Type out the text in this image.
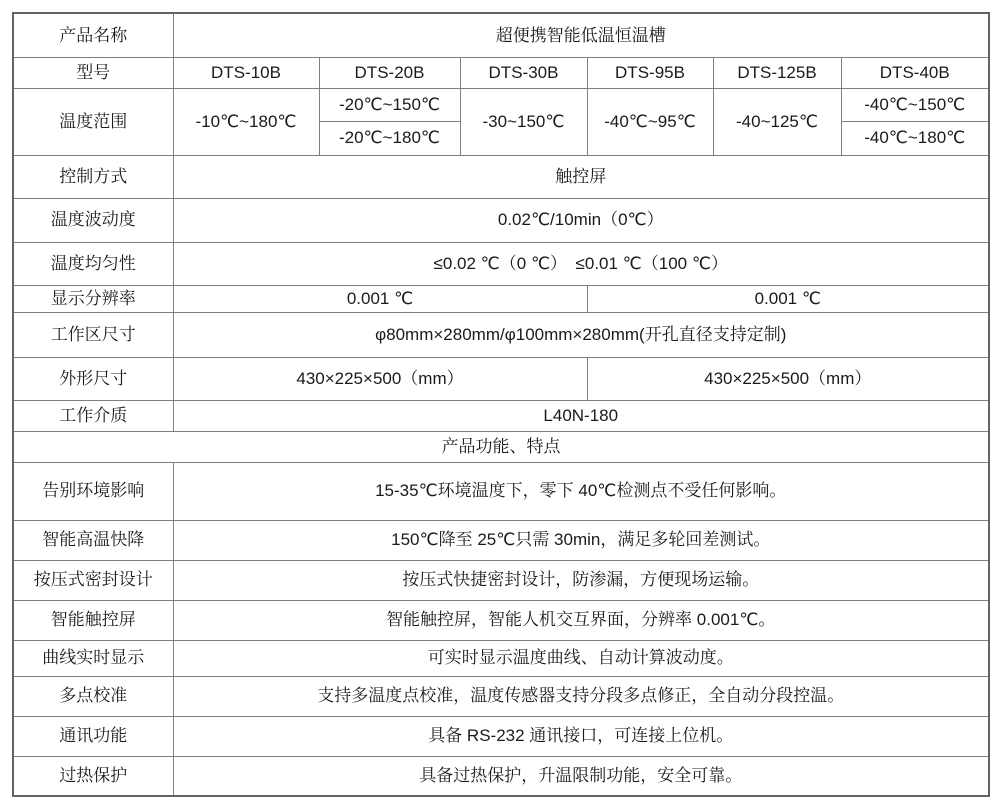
产品名称	超便携智能低温恒温槽					
型号	DTS-10B	DTS-20B	DTS-30B	DTS-95B	DTS-125B	DTS-40B
温度范围	-10℃~180℃	-20℃~150℃	-30~150℃	-40℃~95℃	-40~125℃	-40℃~150℃
		-20℃~180℃				-40℃~180℃
控制方式	触控屏					
温度波动度	0.02℃/10min（0℃）					
温度均匀性	≤0.02 ℃（0 ℃）　≤0.01 ℃（100 ℃）					
显示分辨率	0.001 ℃			0.001 ℃		
工作区尺寸	φ80mm×280mm/φ100mm×280mm(开孔直径支持定制)					
外形尺寸	430×225×500（mm）			430×225×500（mm）		
工作介质	L40N-180					
产品功能、特点						
告别环境影响	15-35℃环境温度下，零下 40℃检测点不受任何影响。					
智能高温快降	150℃降至 25℃只需 30min，满足多轮回差测试。					
按压式密封设计	按压式快捷密封设计，防渗漏，方便现场运输。					
智能触控屏	智能触控屏，智能人机交互界面，分辨率 0.001℃。					
曲线实时显示	可实时显示温度曲线、自动计算波动度。					
多点校准	支持多温度点校准，温度传感器支持分段多点修正，全自动分段控温。					
通讯功能	具备 RS-232 通讯接口，可连接上位机。					
过热保护	具备过热保护，升温限制功能，安全可靠。					
